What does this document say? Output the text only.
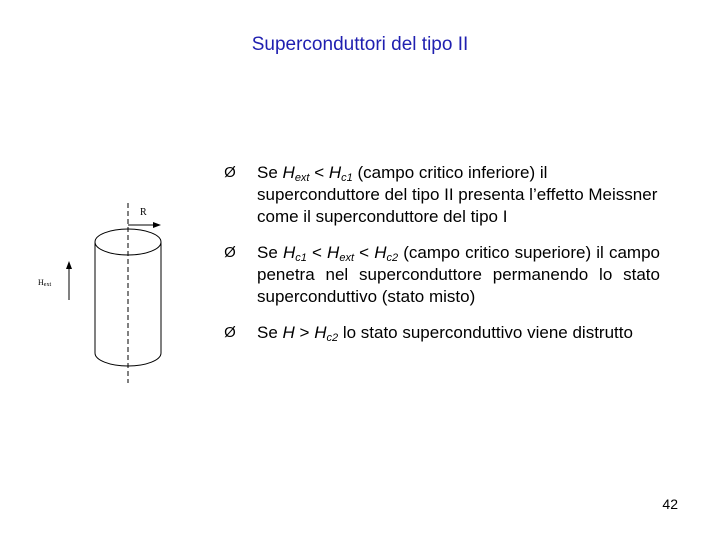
Superconduttori del tipo II
R
Hext
Ø Se $H_{ext} < H_{c1}$ (campo critico inferiore) il superconduttore del tipo II presenta l’effetto Meissner come il superconduttore del tipo I
Ø Se $H_{c1} < H_{ext} < H_{c2}$ (campo critico superiore) il campo penetra nel superconduttore permanendo lo stato superconduttivo (stato misto)
Ø Se $H > H_{c2}$ lo stato superconduttivo viene distrutto
42
